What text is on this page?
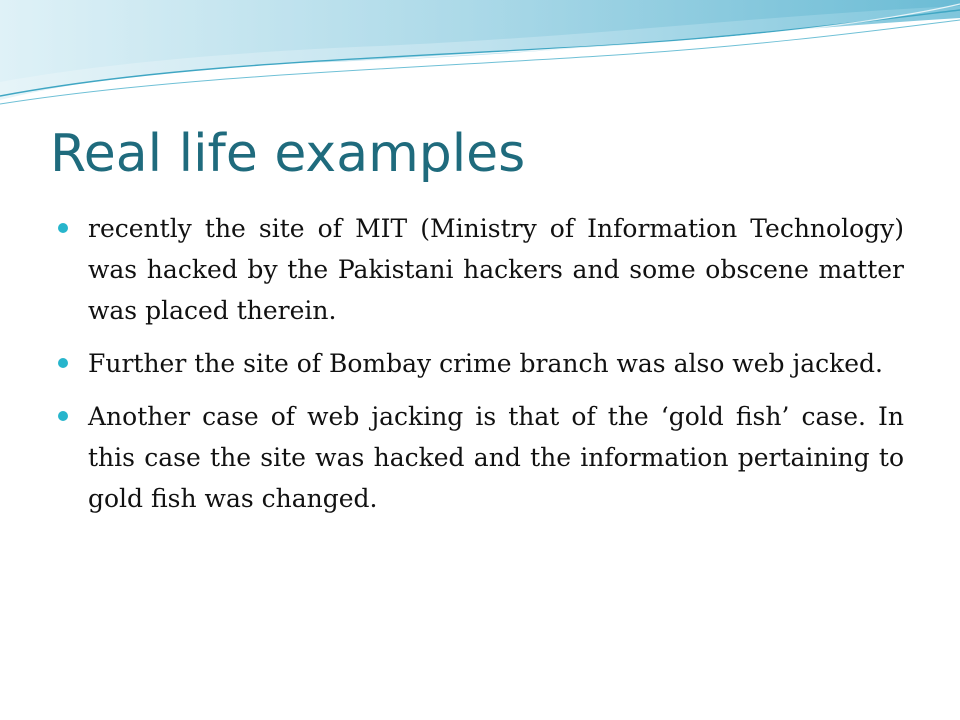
Real life examples
recently the site of MIT (Ministry of Information Technology) was hacked by the Pakistani hackers and some obscene matter was placed therein.
Further the site of Bombay crime branch was also web jacked.
Another case of web jacking is that of the ‘gold fish’ case. In this case the site was hacked and the information pertaining to gold fish was changed.
